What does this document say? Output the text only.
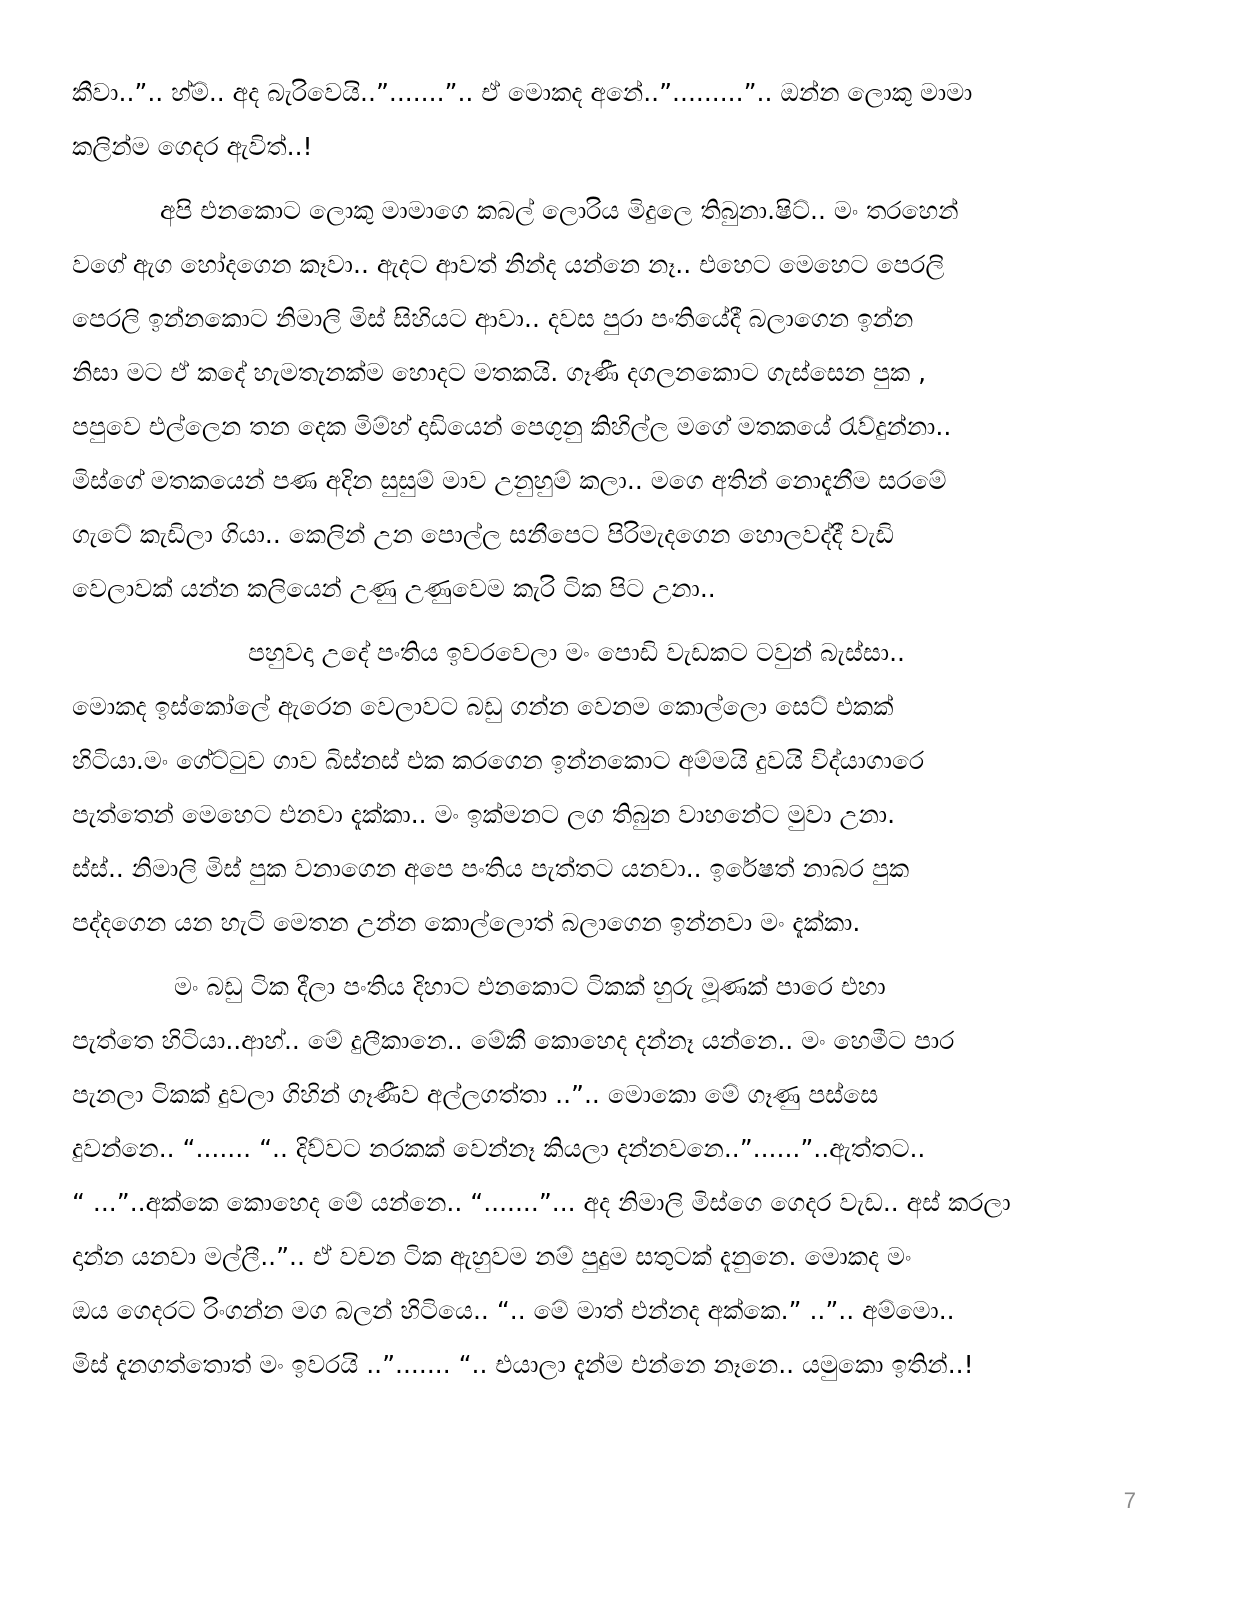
කීවා..”.. හ්ම්.. අද බැරිවෙයි..”.......”.. ඒ මොකද අනේ..”.........”.. ඔන්න ලොකු මාමා
කලින්ම ගෙදර ඇවිත්..!
අපි එනකොට ලොකු මාමාගෙ කබල් ලොරිය මිදුලෙ තිබුනා.ෂිට්.. මං තරහෙන්
වගේ ඇග හෝදගෙන කෑවා.. ඇදට ආවත් නින්ද යන්නෙ නෑ.. එහෙට මෙහෙට පෙරලි
පෙරලි ඉන්නකොට නිමාලි මිස් සිහියට ආවා.. දවස පුරා පංතියේදී බලාගෙන ඉන්න
නිසා මට ඒ කදේ හැමතැනක්ම හොදට මතකයි. ගෑණී දගලනකොට ගැස්සෙන පුක ,
පපුවෙ එල්ලෙන තන දෙක මිම්හ් දාඩියෙන් පෙගුනු කිහිල්ල මගේ මතකයේ රැව්දුන්නා..
මිස්ගේ මතකයෙන් පණ අදින සුසුම් මාව උනුහුම් කලා.. මගෙ අතින් නොදැනීම සරමේ
ගැටේ කැඩිලා ගියා.. කෙලින් උන පොල්ල සනීපෙට පිරිමැදගෙන හොලවද්දී වැඩි
වෙලාවක් යන්න කලියෙන් උණු උණුවෙම කැරි ටික පිට උනා..
පහුවදා උදේ පංතිය ඉවරවෙලා මං පොඩි වැඩකට ටවුන් බැස්සා..
මොකද ඉස්කෝලේ ඇරෙන වෙලාවට බඩු ගන්න වෙනම කොල්ලො සෙට් එකක්
හිටියා.මං ගේට්ටුව ගාව බිස්නස් එක කරගෙන ඉන්නකොට අම්මයි දුවයි විද්යාගාරෙ
පැත්තෙන් මෙහෙට එනවා දැක්කා.. මං ඉක්මනට ලග තිබුන වාහනේට මුවා උනා.
ස්ස්.. නිමාලි මිස් පුක වනාගෙන අපෙ පංතිය පැත්තට යනවා.. ඉරේෂත් නාබර පුක
පද්දගෙන යන හැටි මෙතන උන්න කොල්ලොත් බලාගෙන ඉන්නවා මං දැක්කා.
මං බඩු ටික දීලා පංතිය දිහාට එනකොට ටිකක් හුරු මූණක් පාරෙ එහා
පැත්තෙ හිටියා..ආහ්.. මේ දුලීකානෙ.. මේකී කොහෙද දන්නෑ යන්නෙ.. මං හෙමීට පාර
පැනලා ටිකක් දුවලා ගිහින් ගෑණීව අල්ලගත්තා ..”.. මොකො මේ ගෑණු පස්සෙ
දුවන්නෙ.. “....... “.. දිව්වට නරකක් වෙන්නෑ කියලා දන්නවනෙ..”......”..ඇත්තට..
“ ...”..අක්කෙ කොහෙද මේ යන්නෙ.. “.......”... අද නිමාලි මිස්ගෙ ගෙදර වැඩ.. අස් කරලා
දාන්න යනවා මල්ලී..”.. ඒ වචන ටික ඇහුවම නම් පුදුම සතුටක් දැනුනෙ. මොකද මං
ඔය ගෙදරට රිංගන්න මග බලන් හිටියෙ.. “.. මේ මාත් එන්නද අක්කෙ.” ..”.. අම්මො..
මිස් දැනගත්තොත් මං ඉවරයි ..”....... “.. එයාලා දැන්ම එන්නෙ නෑනෙ.. යමුකො ඉතින්..!
7
